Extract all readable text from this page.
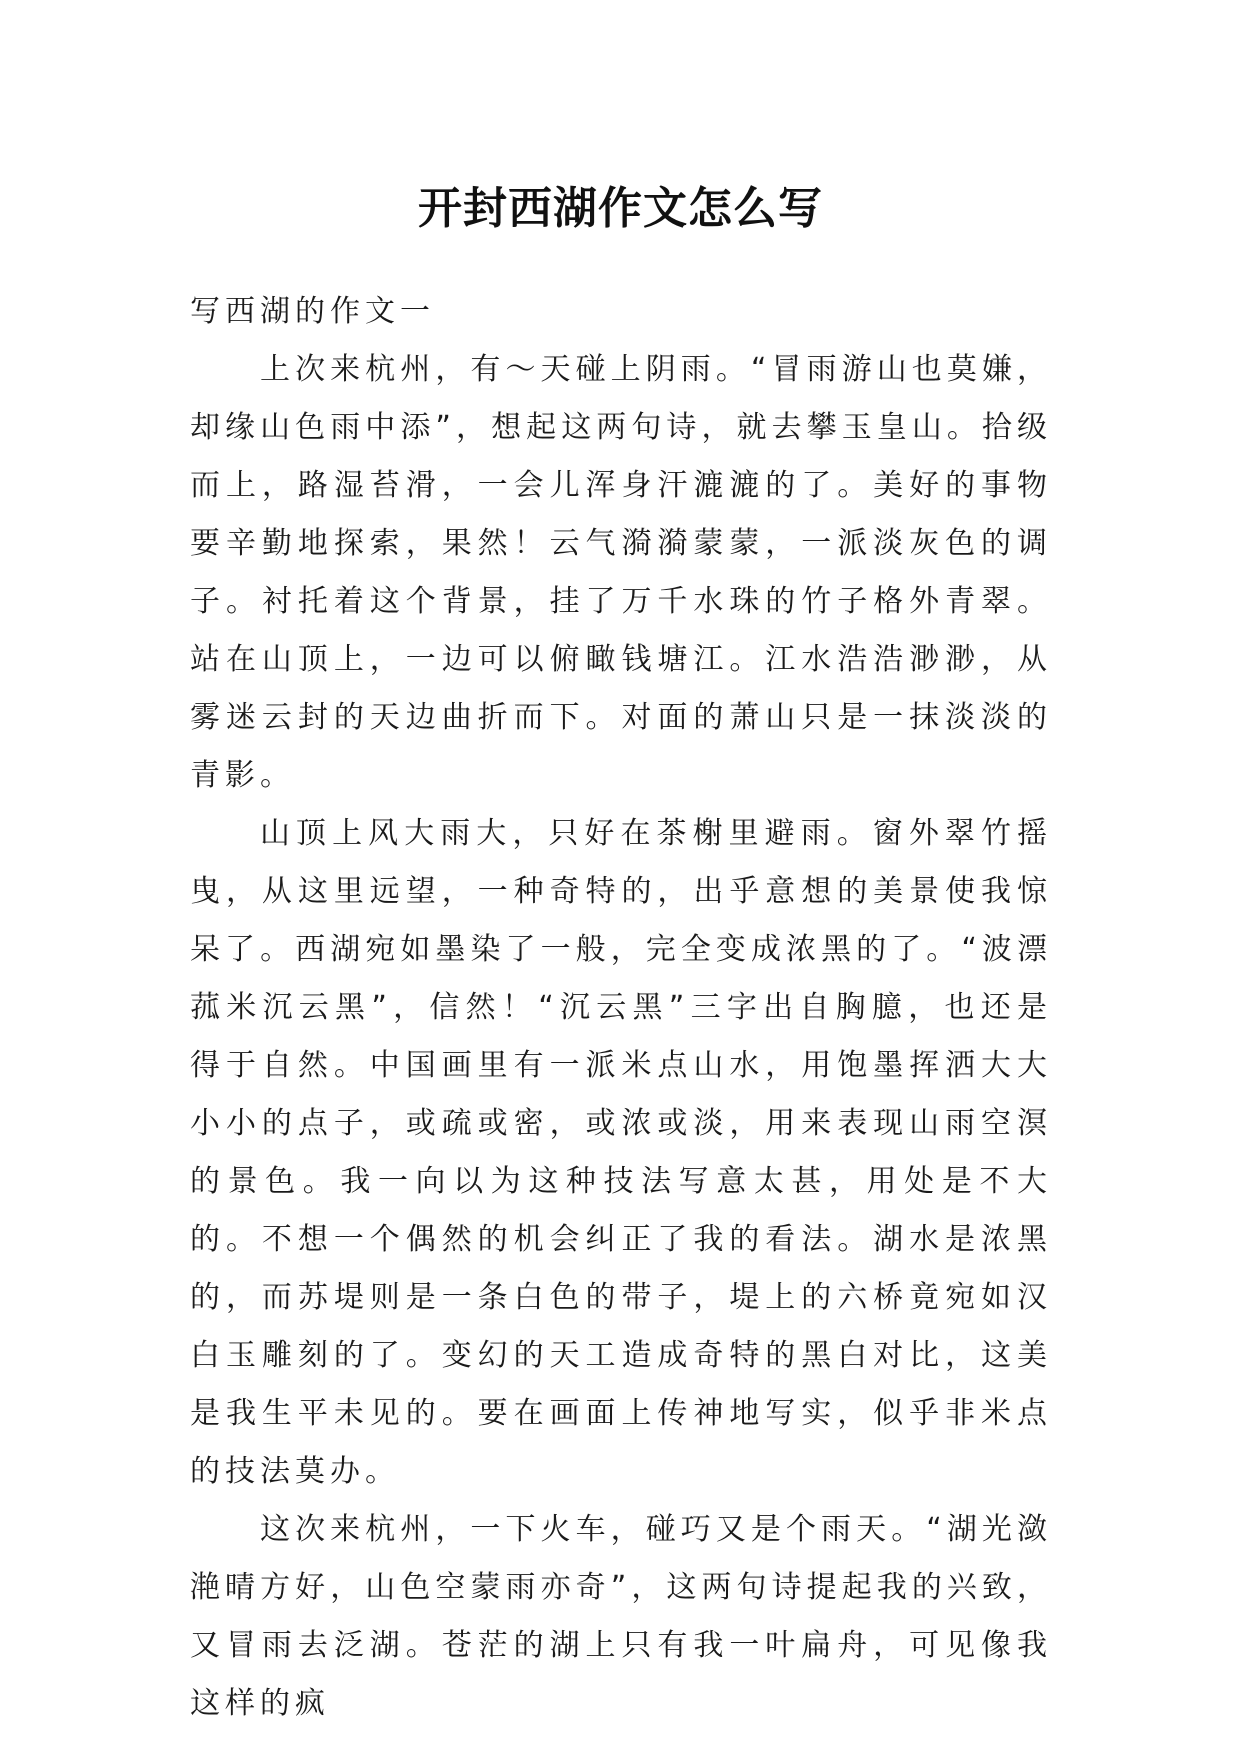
开封西湖作文怎么写

写西湖的作文一

上次来杭州，有～天碰上阴雨。“冒雨游山也莫嫌，却缘山色雨中添”，想起这两句诗，就去攀玉皇山。拾级而上，路湿苔滑，一会儿浑身汗漉漉的了。美好的事物要辛勤地探索，果然！云气漪漪蒙蒙，一派淡灰色的调子。衬托着这个背景，挂了万千水珠的竹子格外青翠。站在山顶上，一边可以俯瞰钱塘江。江水浩浩渺渺，从雾迷云封的天边曲折而下。对面的萧山只是一抹淡淡的青影。

山顶上风大雨大，只好在茶榭里避雨。窗外翠竹摇曳，从这里远望，一种奇特的，出乎意想的美景使我惊呆了。西湖宛如墨染了一般，完全变成浓黑的了。“波漂菰米沉云黑”，信然！“沉云黑”三字出自胸臆，也还是得于自然。中国画里有一派米点山水，用饱墨挥洒大大小小的点子，或疏或密，或浓或淡，用来表现山雨空溟的景色。我一向以为这种技法写意太甚，用处是不大的。不想一个偶然的机会纠正了我的看法。湖水是浓黑的，而苏堤则是一条白色的带子，堤上的六桥竟宛如汉白玉雕刻的了。变幻的天工造成奇特的黑白对比，这美是我生平未见的。要在画面上传神地写实，似乎非米点的技法莫办。

这次来杭州，一下火车，碰巧又是个雨天。“湖光潋滟晴方好，山色空蒙雨亦奇”，这两句诗提起我的兴致，又冒雨去泛湖。苍茫的湖上只有我一叶扁舟，可见像我这样的疯
